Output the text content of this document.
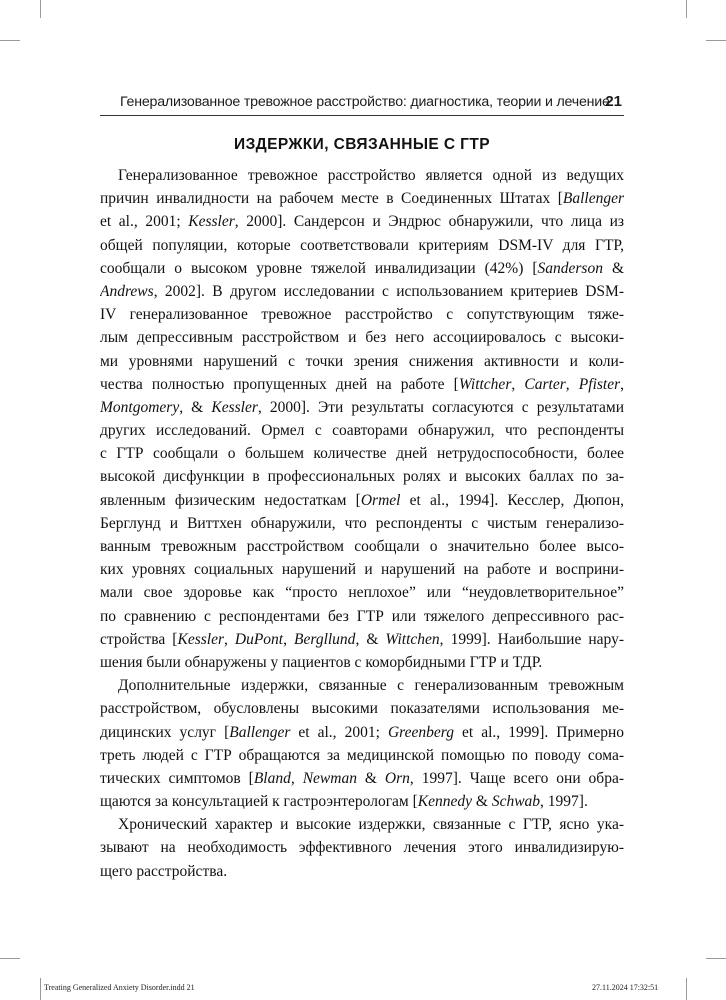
Генерализованное тревожное расстройство: диагностика, теории и лечение
21
ИЗДЕРЖКИ, СВЯЗАННЫЕ С ГТР
Генерализованное тревожное расстройство является одной из ведущих
причин инвалидности на рабочем месте в Соединенных Штатах [Ballenger
et al., 2001; Kessler, 2000]. Сандерсон и Эндрюс обнаружили, что лица из
общей популяции, которые соответствовали критериям DSM-IV для ГТР,
сообщали о высоком уровне тяжелой инвалидизации (42%) [Sanderson &
Andrews, 2002]. В другом исследовании с использованием критериев DSM-
IV генерализованное тревожное расстройство с сопутствующим тяже-
лым депрессивным расстройством и без него ассоциировалось с высоки-
ми уровнями нарушений с точки зрения снижения активности и коли-
чества полностью пропущенных дней на работе [Wittcher, Carter, Pfister,
Montgomery, & Kessler, 2000]. Эти результаты согласуются с результатами
других исследований. Ормел с соавторами обнаружил, что респонденты
с ГТР сообщали о большем количестве дней нетрудоспособности, более
высокой дисфункции в профессиональных ролях и высоких баллах по за-
явленным физическим недостаткам [Ormel et al., 1994]. Кесслер, Дюпон,
Берглунд и Виттхен обнаружили, что респонденты с чистым генерализо-
ванным тревожным расстройством сообщали о значительно более высо-
ких уровнях социальных нарушений и нарушений на работе и восприни-
мали свое здоровье как “просто неплохое” или “неудовлетворительное”
по сравнению с респондентами без ГТР или тяжелого депрессивного рас-
стройства [Kessler, DuPont, Bergllund, & Wittchen, 1999]. Наибольшие нару-
шения были обнаружены у пациентов с коморбидными ГТР и ТДР.
Дополнительные издержки, связанные с генерализованным тревожным
расстройством, обусловлены высокими показателями использования ме-
дицинских услуг [Ballenger et al., 2001; Greenberg et al., 1999]. Примерно
треть людей с ГТР обращаются за медицинской помощью по поводу сома-
тических симптомов [Bland, Newman & Orn, 1997]. Чаще всего они обра-
щаются за консультацией к гастроэнтерологам [Kennedy & Schwab, 1997].
Хронический характер и высокие издержки, связанные с ГТР, ясно ука-
зывают на необходимость эффективного лечения этого инвалидизирую-
щего расстройства.
Treating Generalized Anxiety Disorder.indd 21	27.11.2024 17:32:51
